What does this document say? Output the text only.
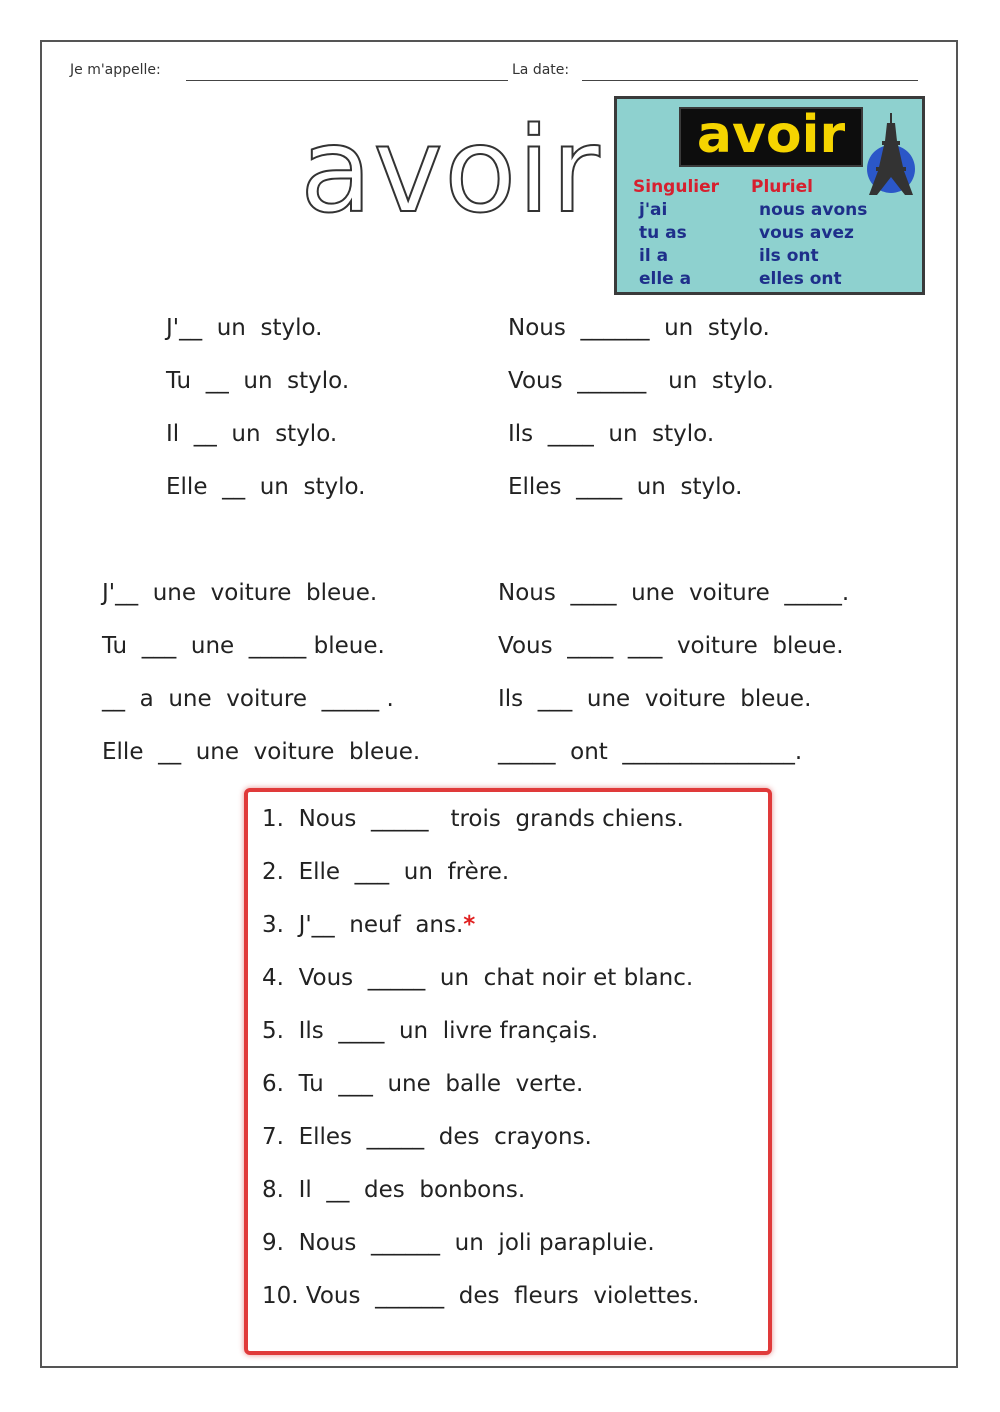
Je m'appelle:	La date:
avoir	avoir
Singulier Pluriel
j'ai
tu as
il a
elle a
nous avons
vous avez
ils ont
elles ont
J'__  un  stylo.
Tu  __  un  stylo.
Il  __  un  stylo.
Elle  __  un  stylo.
Nous  ______  un  stylo.
Vous  ______   un  stylo.
Ils  ____  un  stylo.
Elles  ____  un  stylo.
J'__  une  voiture  bleue.
Tu  ___  une  _____ bleue.
__  a  une  voiture  _____ .
Elle  __  une  voiture  bleue.
Nous  ____  une  voiture  _____.
Vous  ____  ___  voiture  bleue.
Ils  ___  une  voiture  bleue.
_____  ont  _______________.
1.  Nous  _____   trois  grands chiens.
2.  Elle  ___  un  frère.
3.  J'__  neuf  ans.*
4.  Vous  _____  un  chat noir et blanc.
5.  Ils  ____  un  livre français.
6.  Tu  ___  une  balle  verte.
7.  Elles  _____  des  crayons.
8.  Il  __  des  bonbons.
9.  Nous  ______  un  joli parapluie.
10. Vous  ______  des  fleurs  violettes.
